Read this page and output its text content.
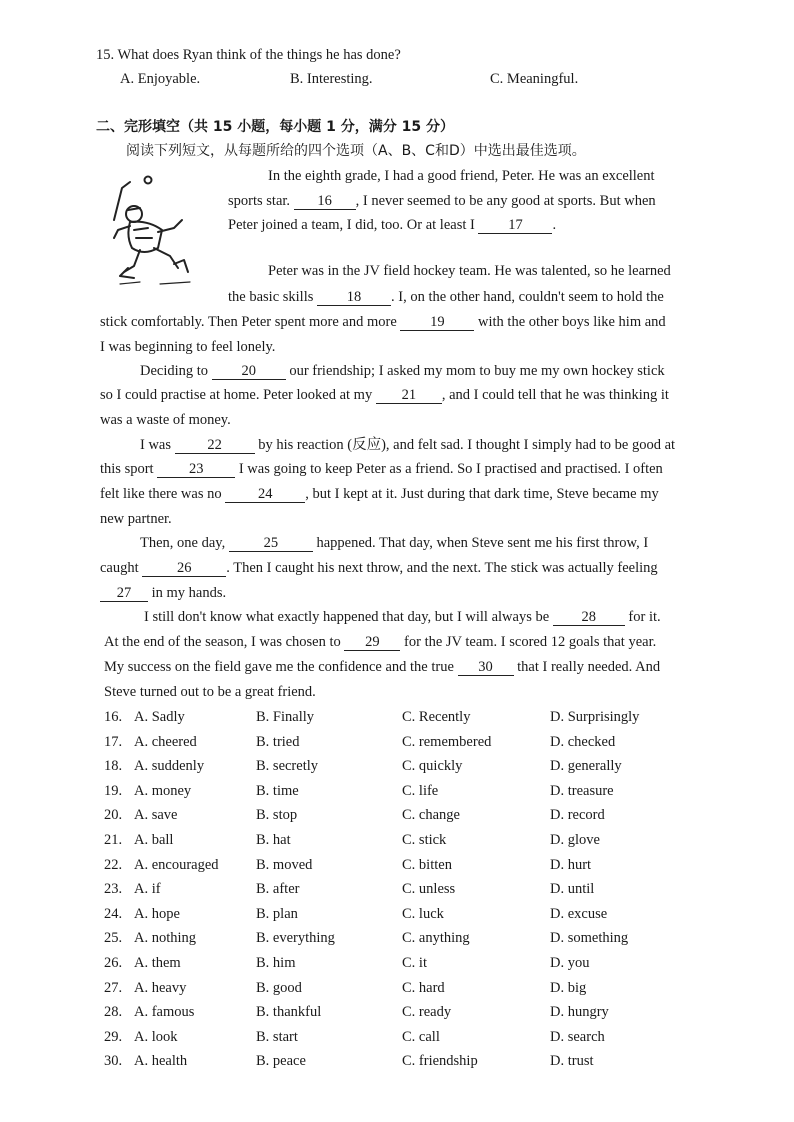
15. What does Ryan think of the things he has done?
A. Enjoyable.	B. Interesting.	C. Meaningful.
二、完形填空（共 15 小题，每小题 1 分，满分 15 分）
阅读下列短文，从每题所给的四个选项（A、B、C和D）中选出最佳选项。
In the eighth grade, I had a good friend, Peter. He was an excellent
sports star. 16 , I never seemed to be any good at sports. But when
Peter joined a team, I did, too. Or at least I 17 .
Peter was in the JV field hockey team. He was talented, so he learned
the basic skills 18 . I, on the other hand, couldn't seem to hold the
stick comfortably. Then Peter spent more and more 19 with the other boys like him and
I was beginning to feel lonely.
Deciding to 20 our friendship; I asked my mom to buy me my own hockey stick
so I could practise at home. Peter looked at my 21 , and I could tell that he was thinking it
was a waste of money.
I was	22	by his reaction (反应), and felt sad. I thought I simply had to be good at
this sport 23 I was going to keep Peter as a friend. So I practised and practised. I often
felt like there was no	24 , but I kept at it. Just during that dark time, Steve became my
new partner.
Then, one day,	25	happened. That day, when Steve sent me his first throw, I
caught	26 . Then I caught his next throw, and the next. The stick was actually feeling
27 in my hands.
I still don't know what exactly happened that day, but I will always be 28 for it.
At the end of the season, I was chosen to 29 for the JV team. I scored 12 goals that year.
My success on the field gave me the confidence and the true 30 that I really needed. And
Steve turned out to be a great friend.
16. A. Sadly	B. Finally	C. Recently	D. Surprisingly
17. A. cheered	B. tried	C. remembered	D. checked
18. A. suddenly	B. secretly	C. quickly	D. generally
19. A. money	B. time	C. life	D. treasure
20. A. save	B. stop	C. change	D. record
21. A. ball	B. hat	C. stick	D. glove
22. A. encouraged	B. moved	C. bitten	D. hurt
23. A. if	B. after	C. unless	D. until
24. A. hope	B. plan	C. luck	D. excuse
25. A. nothing	B. everything	C. anything	D. something
26. A. them	B. him	C. it	D. you
27. A. heavy	B. good	C. hard	D. big
28. A. famous	B. thankful	C. ready	D. hungry
29. A. look	B. start	C. call	D. search
30. A. health	B. peace	C. friendship	D. trust
